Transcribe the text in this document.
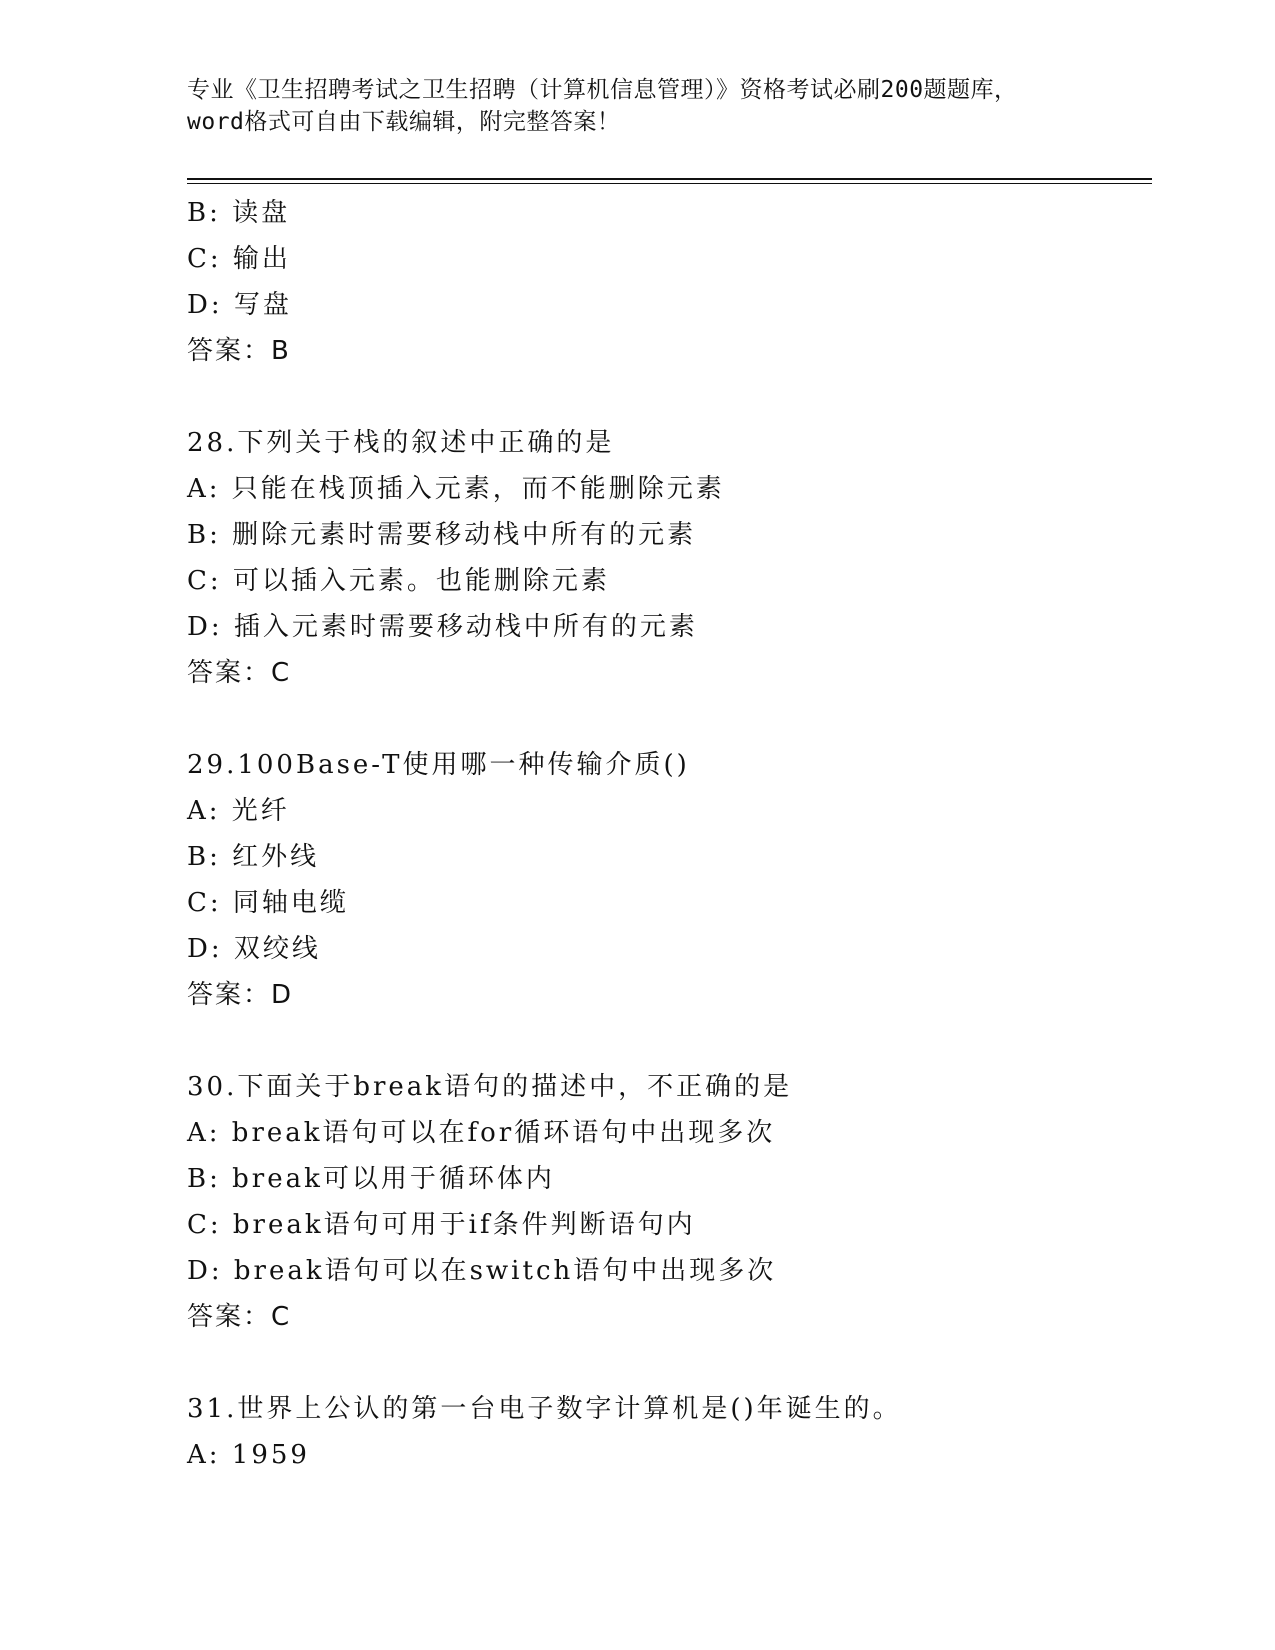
专业《卫生招聘考试之卫生招聘（计算机信息管理）》资格考试必刷200题题库，
word格式可自由下载编辑，附完整答案！
B: 读盘
C: 输出
D: 写盘
答案：B
28.下列关于栈的叙述中正确的是
A: 只能在栈顶插入元素，而不能删除元素
B: 删除元素时需要移动栈中所有的元素
C: 可以插入元素。也能删除元素
D: 插入元素时需要移动栈中所有的元素
答案：C
29.100Base-T使用哪一种传输介质()
A: 光纤
B: 红外线
C: 同轴电缆
D: 双绞线
答案：D
30.下面关于break语句的描述中，不正确的是
A: break语句可以在for循环语句中出现多次
B: break可以用于循环体内
C: break语句可用于if条件判断语句内
D: break语句可以在switch语句中出现多次
答案：C
31.世界上公认的第一台电子数字计算机是()年诞生的。
A: 1959
